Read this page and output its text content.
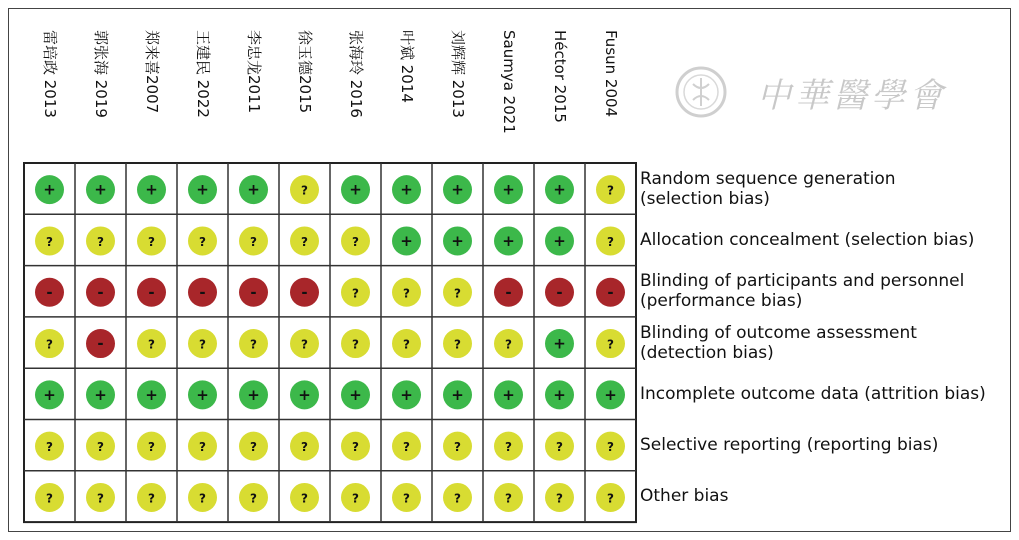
雷培政 2013 郭张海 2019 郑来喜2007 王建民 2022 李忠龙2011 徐玉德2015 张海玲 2016 叶斌 2014 刘辉辉 2013 Saumya 2021 Héctor 2015 Fusun 2004
+	+	+	+	+	?	+	+	+	+	+	?
?	?	?	?	?	?	?	+	+	+	+	?
-	-	-	-	-	-	?	?	?	-	-	-
?	-	?	?	?	?	?	?	?	?	+	?
+	+	+	+	+	+	+	+	+	+	+	+
?	?	?	?	?	?	?	?	?	?	?	?
?	?	?	?	?	?	?	?	?	?	?	?
Random sequence generation
(selection bias)
Allocation concealment (selection bias)
Blinding of participants and personnel
(performance bias)
Blinding of outcome assessment
(detection bias)
Incomplete outcome data (attrition bias)
Selective reporting (reporting bias)
Other bias
中華醫學會
